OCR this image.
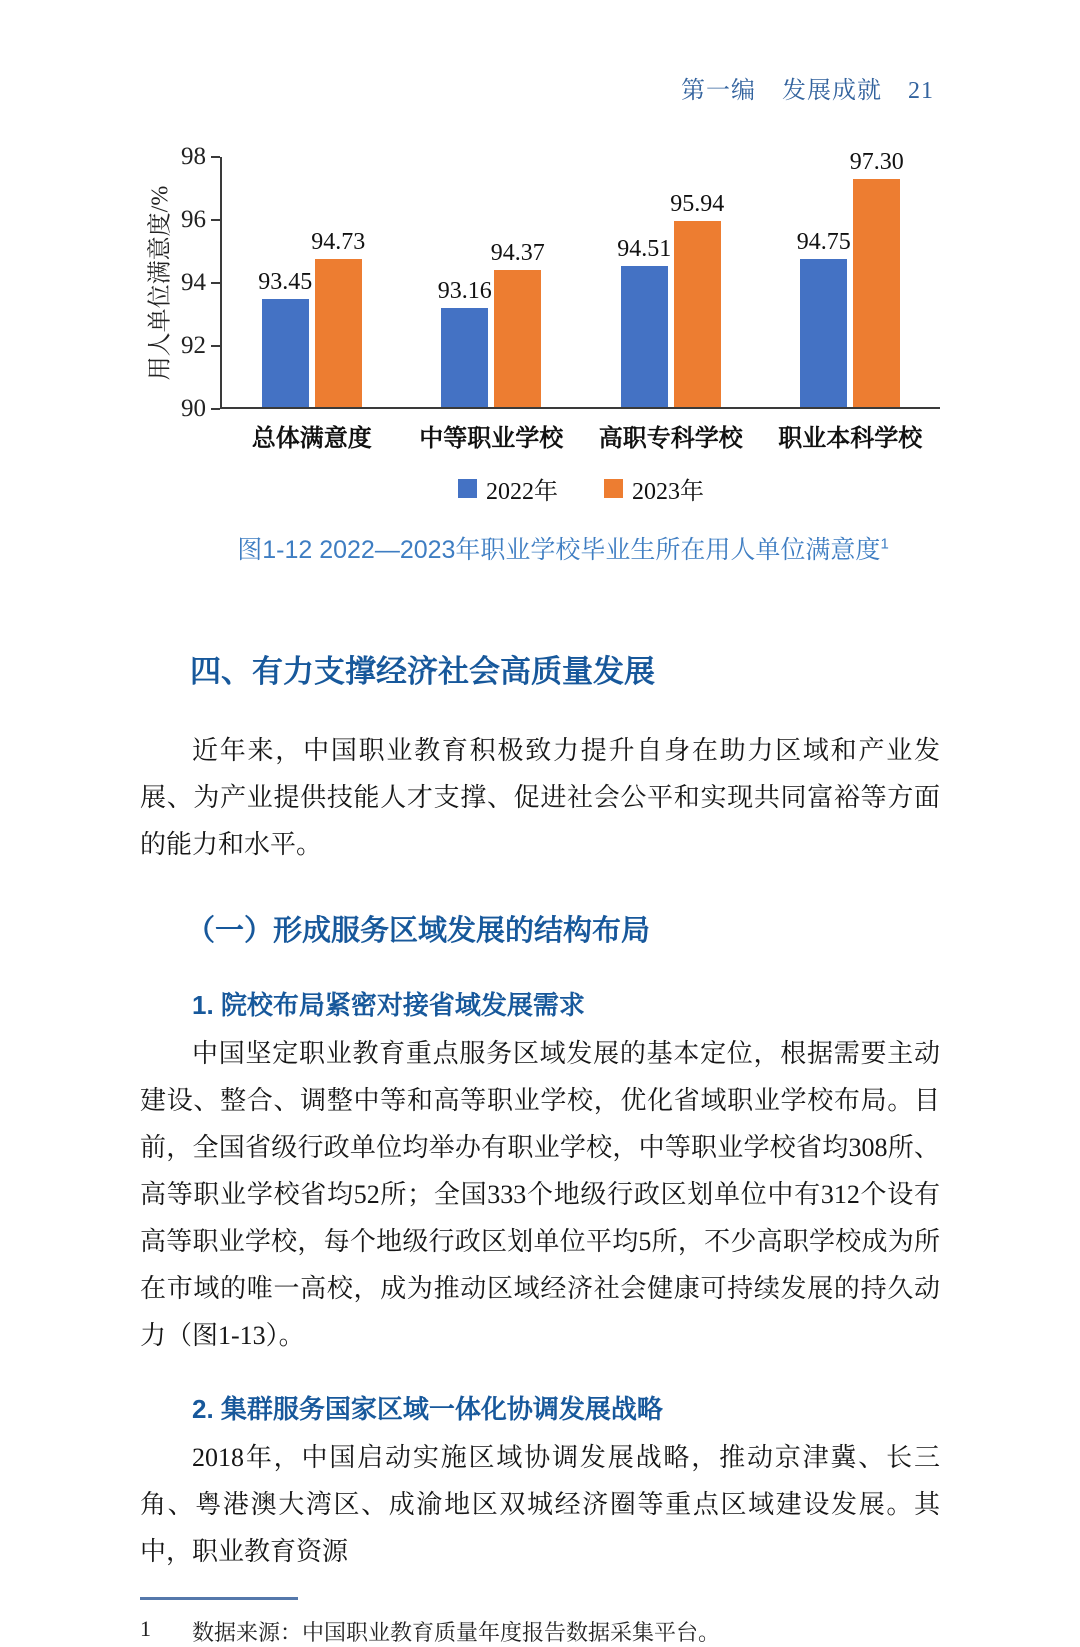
第一编 发展成就 21
用人单位满意度/%
98
96
94
92
90
93.45
94.73
93.16
94.37	94.51
95.94
94.75
97.30
总体满意度	中等职业学校	高职专科学校	职业本科学校
2022年	2023年
图1-12 2022—2023年职业学校毕业生所在用人单位满意度$^1$
四、有力支撑经济社会高质量发展
近年来，中国职业教育积极致力提升自身在助力区域和产业发展、为产业提供技能人才支撑、促进社会公平和实现共同富裕等方面的能力和水平。
（一）形成服务区域发展的结构布局
1. 院校布局紧密对接省域发展需求
中国坚定职业教育重点服务区域发展的基本定位，根据需要主动建设、整合、调整中等和高等职业学校，优化省域职业学校布局。目前，全国省级行政单位均举办有职业学校，中等职业学校省均308所、高等职业学校省均52所；全国333个地级行政区划单位中有312个设有高等职业学校，每个地级行政区划单位平均5所，不少高职学校成为所在市域的唯一高校，成为推动区域经济社会健康可持续发展的持久动力（图1-13）。
2. 集群服务国家区域一体化协调发展战略
2018年，中国启动实施区域协调发展战略，推动京津冀、长三角、粤港澳大湾区、成渝地区双城经济圈等重点区域建设发展。其中，职业教育资源
1	数据来源：中国职业教育质量年度报告数据采集平台。
